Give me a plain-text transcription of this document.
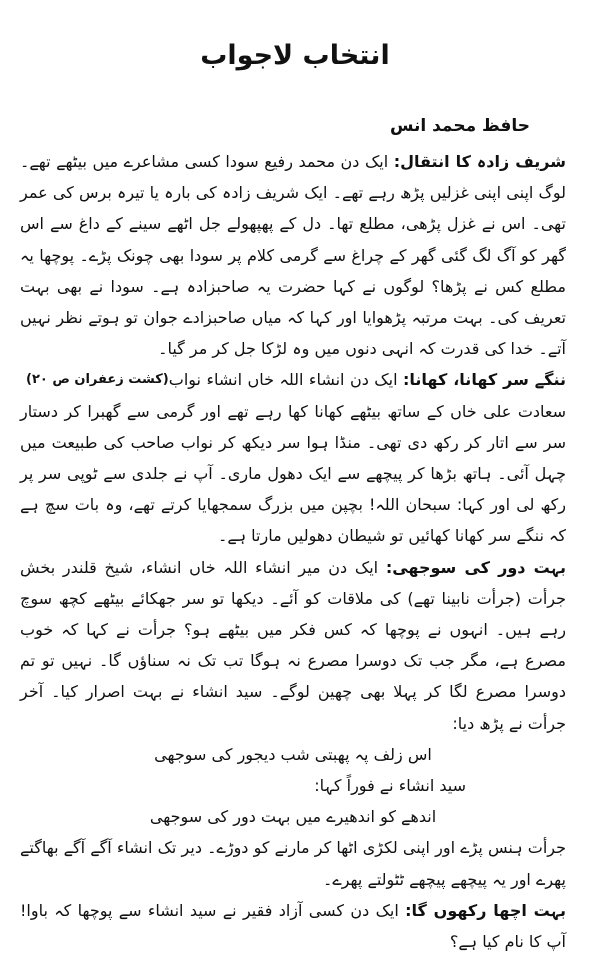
انتخاب لاجواب
حافظ محمد انس

شریف زادہ کا انتقال: ایک دن محمد رفیع سودا کسی مشاعرے میں بیٹھے تھے۔ لوگ اپنی اپنی غزلیں پڑھ رہے تھے۔ ایک شریف زادہ کی بارہ یا تیرہ برس کی عمر تھی۔ اس نے غزل پڑھی، مطلع تھا۔ دل کے پھپھولے جل اٹھے سینے کے داغ سے اس گھر کو آگ لگ گئی گھر کے چراغ سے گرمی کلام پر سودا بھی چونک پڑے۔ پوچھا یہ مطلع کس نے پڑھا؟ لوگوں نے کہا حضرت یہ صاحبزادہ ہے۔ سودا نے بھی بہت تعریف کی۔ بہت مرتبہ پڑھوایا اور کہا کہ میاں صاحبزادے جوان تو ہوتے نظر نہیں آتے۔ خدا کی قدرت کہ انہی دنوں میں وہ لڑکا جل کر مر گیا۔
(کشت زعفران ص ۲۰)	ننگے سر کھانا، کھانا: ایک دن انشاء اللہ خاں انشاء نواب سعادت علی خاں کے ساتھ بیٹھے کھانا کھا رہے تھے اور گرمی سے گھبرا کر دستار سر سے اتار کر رکھ دی تھی۔ منڈا ہوا سر دیکھ کر نواب صاحب کی طبیعت میں چہل آئی۔ ہاتھ بڑھا کر پیچھے سے ایک دھول ماری۔ آپ نے جلدی سے ٹوپی سر پر رکھ لی اور کہا: سبحان اللہ! بچپن میں بزرگ سمجھایا کرتے تھے، وہ بات سچ ہے کہ ننگے سر کھانا کھائیں تو شیطان دھولیں مارتا ہے۔

بہت دور کی سوجھی: ایک دن میر انشاء اللہ خاں انشاء، شیخ قلندر بخش جرأت (جرأت نابینا تھے) کی ملاقات کو آئے۔ دیکھا تو سر جھکائے بیٹھے کچھ سوچ رہے ہیں۔ انہوں نے پوچھا کہ کس فکر میں بیٹھے ہو؟ جرأت نے کہا کہ خوب مصرع ہے، مگر جب تک دوسرا مصرع نہ ہوگا تب تک نہ سناؤں گا۔ نہیں تو تم دوسرا مصرع لگا کر پہلا بھی چھین لوگے۔ سید انشاء نے بہت اصرار کیا۔ آخر جرأت نے پڑھ دیا:

اس زلف پہ پھبتی شب دیجور کی سوجھی

سید انشاء نے فوراً کہا:

اندھے کو اندھیرے میں بہت دور کی سوجھی

جرأت ہنس پڑے اور اپنی لکڑی اٹھا کر مارنے کو دوڑے۔ دیر تک انشاء آگے آگے بھاگتے پھرے اور یہ پیچھے پیچھے ٹٹولتے پھرے۔

بہت اچھا رکھوں گا: ایک دن کسی آزاد فقیر نے سید انشاء سے پوچھا کہ باوا! آپ کا نام کیا ہے؟
